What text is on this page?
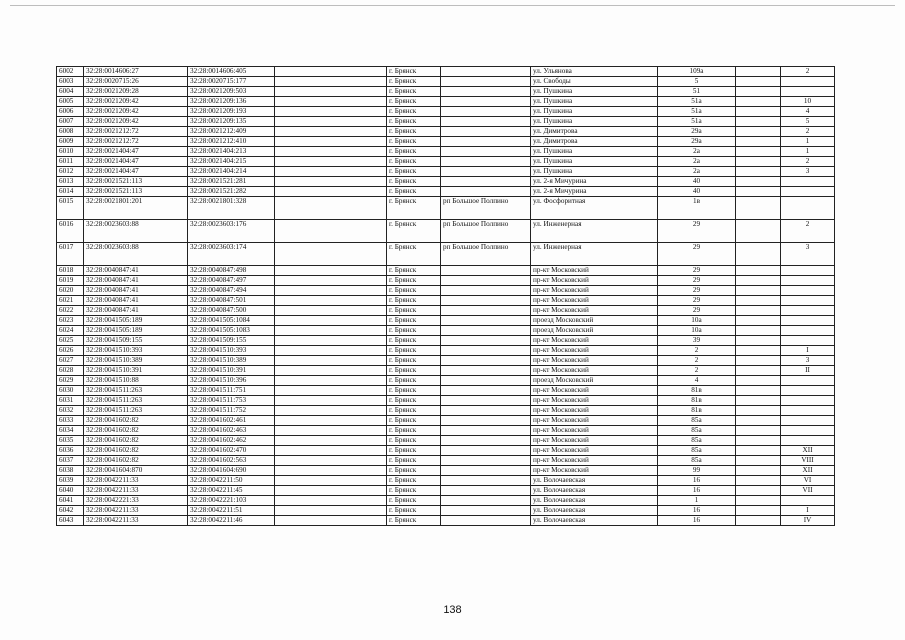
6002	32:28:0014606:27	32:28:0014606:405		г. Брянск		ул. Ульянова	109а		2
6003	32:28:0020715:26	32:28:0020715:177		г. Брянск		ул. Свободы	5		
6004	32:28:0021209:28	32:28:0021209:503		г. Брянск		ул. Пушкина	51		
6005	32:28:0021209:42	32:28:0021209:136		г. Брянск		ул. Пушкина	51а		10
6006	32:28:0021209:42	32:28:0021209:193		г. Брянск		ул. Пушкина	51а		4
6007	32:28:0021209:42	32:28:0021209:135		г. Брянск		ул. Пушкина	51а		5
6008	32:28:0021212:72	32:28:0021212:409		г. Брянск		ул. Димитрова	29а		2
6009	32:28:0021212:72	32:28:0021212:410		г. Брянск		ул. Димитрова	29а		1
6010	32:28:0021404:47	32:28:0021404:213		г. Брянск		ул. Пушкина	2а		1
6011	32:28:0021404:47	32:28:0021404:215		г. Брянск		ул. Пушкина	2а		2
6012	32:28:0021404:47	32:28:0021404:214		г. Брянск		ул. Пушкина	2а		3
6013	32:28:0021521:113	32:28:0021521:281		г. Брянск		ул. 2-я Мичурина	40		
6014	32:28:0021521:113	32:28:0021521:282		г. Брянск		ул. 2-я Мичурина	40		
6015	32:28:0021801:201	32:28:0021801:328		г. Брянск	рп Большое Полпино	ул. Фосфоритная	1в		
6016	32:28:0023603:88	32:28:0023603:176		г. Брянск	рп Большое Полпино	ул. Инженерная	29		2
6017	32:28:0023603:88	32:28:0023603:174		г. Брянск	рп Большое Полпино	ул. Инженерная	29		3
6018	32:28:0040847:41	32:28:0040847:498		г. Брянск		пр-кт Московский	29		
6019	32:28:0040847:41	32:28:0040847:497		г. Брянск		пр-кт Московский	29		
6020	32:28:0040847:41	32:28:0040847:494		г. Брянск		пр-кт Московский	29		
6021	32:28:0040847:41	32:28:0040847:501		г. Брянск		пр-кт Московский	29		
6022	32:28:0040847:41	32:28:0040847:500		г. Брянск		пр-кт Московский	29		
6023	32:28:0041505:189	32:28:0041505:1084		г. Брянск		проезд Московский	10а		
6024	32:28:0041505:189	32:28:0041505:1083		г. Брянск		проезд Московский	10а		
6025	32:28:0041509:155	32:28:0041509:155		г. Брянск		пр-кт Московский	39		
6026	32:28:0041510:393	32:28:0041510:393		г. Брянск		пр-кт Московский	2		I
6027	32:28:0041510:389	32:28:0041510:389		г. Брянск		пр-кт Московский	2		3
6028	32:28:0041510:391	32:28:0041510:391		г. Брянск		пр-кт Московский	2		II
6029	32:28:0041510:88	32:28:0041510:396		г. Брянск		проезд Московский	4		
6030	32:28:0041511:263	32:28:0041511:751		г. Брянск		пр-кт Московский	81в		
6031	32:28:0041511:263	32:28:0041511:753		г. Брянск		пр-кт Московский	81в		
6032	32:28:0041511:263	32:28:0041511:752		г. Брянск		пр-кт Московский	81в		
6033	32:28:0041602:82	32:28:0041602:461		г. Брянск		пр-кт Московский	85а		
6034	32:28:0041602:82	32:28:0041602:463		г. Брянск		пр-кт Московский	85а		
6035	32:28:0041602:82	32:28:0041602:462		г. Брянск		пр-кт Московский	85а		
6036	32:28:0041602:82	32:28:0041602:470		г. Брянск		пр-кт Московский	85а		XII
6037	32:28:0041602:82	32:28:0041602:563		г. Брянск		пр-кт Московский	85а		VIII
6038	32:28:0041604:870	32:28:0041604:690		г. Брянск		пр-кт Московский	99		XII
6039	32:28:0042211:33	32:28:0042211:50		г. Брянск		ул. Волочаевская	16		VI
6040	32:28:0042211:33	32:28:0042211:45		г. Брянск		ул. Волочаевская	16		VII
6041	32:28:0042221:33	32:28:0042221:103		г. Брянск		ул. Волочаевская	1		
6042	32:28:0042211:33	32:28:0042211:51		г. Брянск		ул. Волочаевская	16		I
6043	32:28:0042211:33	32:28:0042211:46		г. Брянск		ул. Волочаевская	16		IV
138
